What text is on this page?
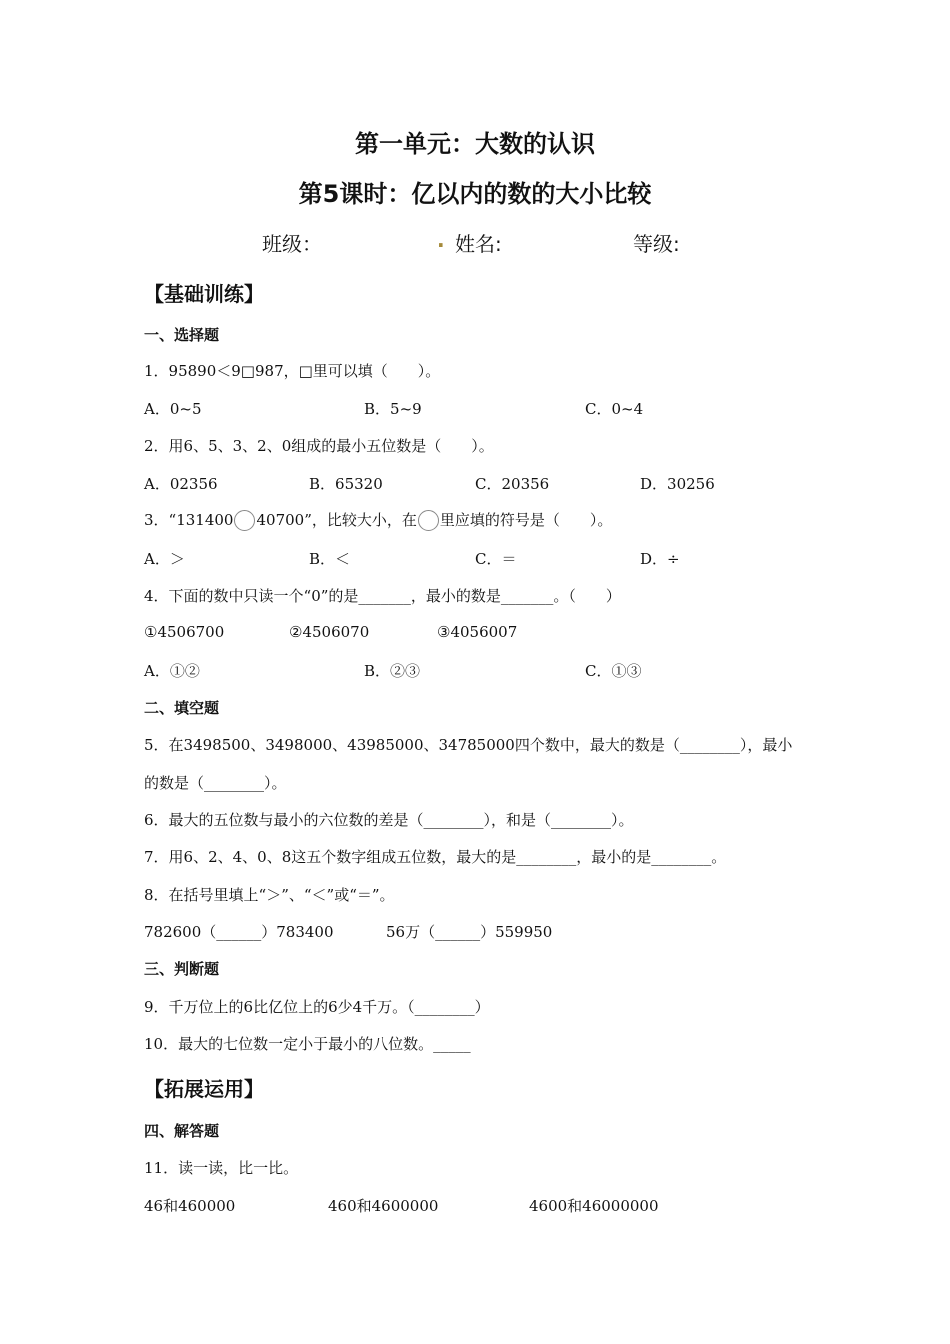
第一单元：大数的认识
第5课时：亿以内的数的大小比较
班级：	. 姓名:	等级:
【基础训练】
一、选择题
1．95890＜9□987，□里可以填（　　）。
A．0~5	B．5~9	C．0~4
2．用6、5、3、2、0组成的最小五位数是（　　）。
A．02356	B．65320	C．20356	D．30256
3．“131400 40700”，比较大小，在 里应填的符号是（　　）。
A．＞	B．＜	C．＝	D．÷
4．下面的数中只读一个“0”的是_______，最小的数是_______。（　　）
①4506700	②4506070	③4056007
A．①②	B．②③	C．①③
二、填空题
5．在3498500、3498000、43985000、34785000四个数中，最大的数是（________），最小
的数是（________）。
6．最大的五位数与最小的六位数的差是（________），和是（________）。
7．用6、2、4、0、8这五个数字组成五位数，最大的是________，最小的是________。
8．在括号里填上“＞”、“＜”或“＝”。
782600（______）783400	56万（______）559950
三、判断题
9．千万位上的6比亿位上的6少4千万。（________）
10．最大的七位数一定小于最小的八位数。_____
【拓展运用】
四、解答题
11．读一读，比一比。
46和460000	460和4600000	4600和46000000
